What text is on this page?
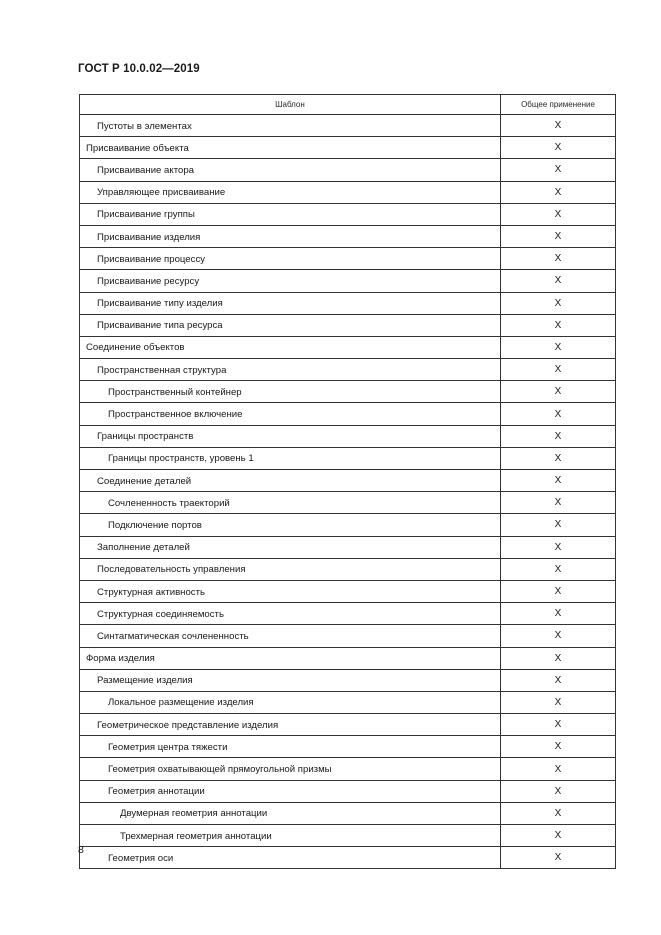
ГОСТ Р 10.0.02—2019
Шаблон	Общее применение
Пустоты в элементах	X
Присваивание объекта	X
Присваивание актора	X
Управляющее присваивание	X
Присваивание группы	X
Присваивание изделия	X
Присваивание процессу	X
Присваивание ресурсу	X
Присваивание типу изделия	X
Присваивание типа ресурса	X
Соединение объектов	X
Пространственная структура	X
Пространственный контейнер	X
Пространственное включение	X
Границы пространств	X
Границы пространств, уровень 1	X
Соединение деталей	X
Сочлененность траекторий	X
Подключение портов	X
Заполнение деталей	X
Последовательность управления	X
Структурная активность	X
Структурная соединяемость	X
Синтагматическая сочлененность	X
Форма изделия	X
Размещение изделия	X
Локальное размещение изделия	X
Геометрическое представление изделия	X
Геометрия центра тяжести	X
Геометрия охватывающей прямоугольной призмы	X
Геометрия аннотации	X
Двумерная геометрия аннотации	X
Трехмерная геометрия аннотации	X
Геометрия оси	X
8
